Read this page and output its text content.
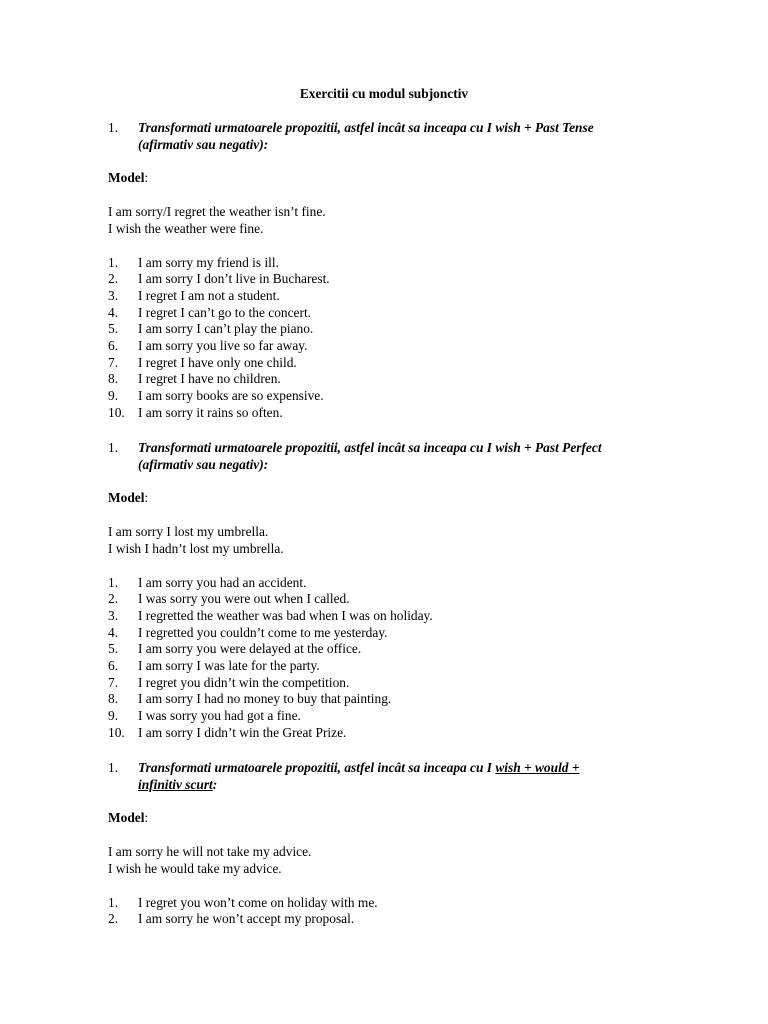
Exercitii cu modul subjonctiv
1.	Transformati urmatoarele propozitii, astfel incât sa inceapa cu I wish + Past Tense
(afirmativ sau negativ):
Model:
I am sorry/I regret the weather isn’t fine.
I wish the weather were fine.
1.	I am sorry my friend is ill.
2.	I am sorry I don’t live in Bucharest.
3.	I regret I am not a student.
4.	I regret I can’t go to the concert.
5.	I am sorry I can’t play the piano.
6.	I am sorry you live so far away.
7.	I regret I have only one child.
8.	I regret I have no children.
9.	I am sorry books are so expensive.
10. I am sorry it rains so often.
1.	Transformati urmatoarele propozitii, astfel incât sa inceapa cu I wish + Past Perfect
(afirmativ sau negativ):
Model:
I am sorry I lost my umbrella.
I wish I hadn’t lost my umbrella.
1.	I am sorry you had an accident.
2.	I was sorry you were out when I called.
3.	I regretted the weather was bad when I was on holiday.
4.	I regretted you couldn’t come to me yesterday.
5.	I am sorry you were delayed at the office.
6.	I am sorry I was late for the party.
7.	I regret you didn’t win the competition.
8.	I am sorry I had no money to buy that painting.
9.	I was sorry you had got a fine.
10. I am sorry I didn’t win the Great Prize.
1.	Transformati urmatoarele propozitii, astfel incât sa inceapa cu I wish + would +
infinitiv scurt:
Model:
I am sorry he will not take my advice.
I wish he would take my advice.
1.	I regret you won’t come on holiday with me.
2.	I am sorry he won’t accept my proposal.
